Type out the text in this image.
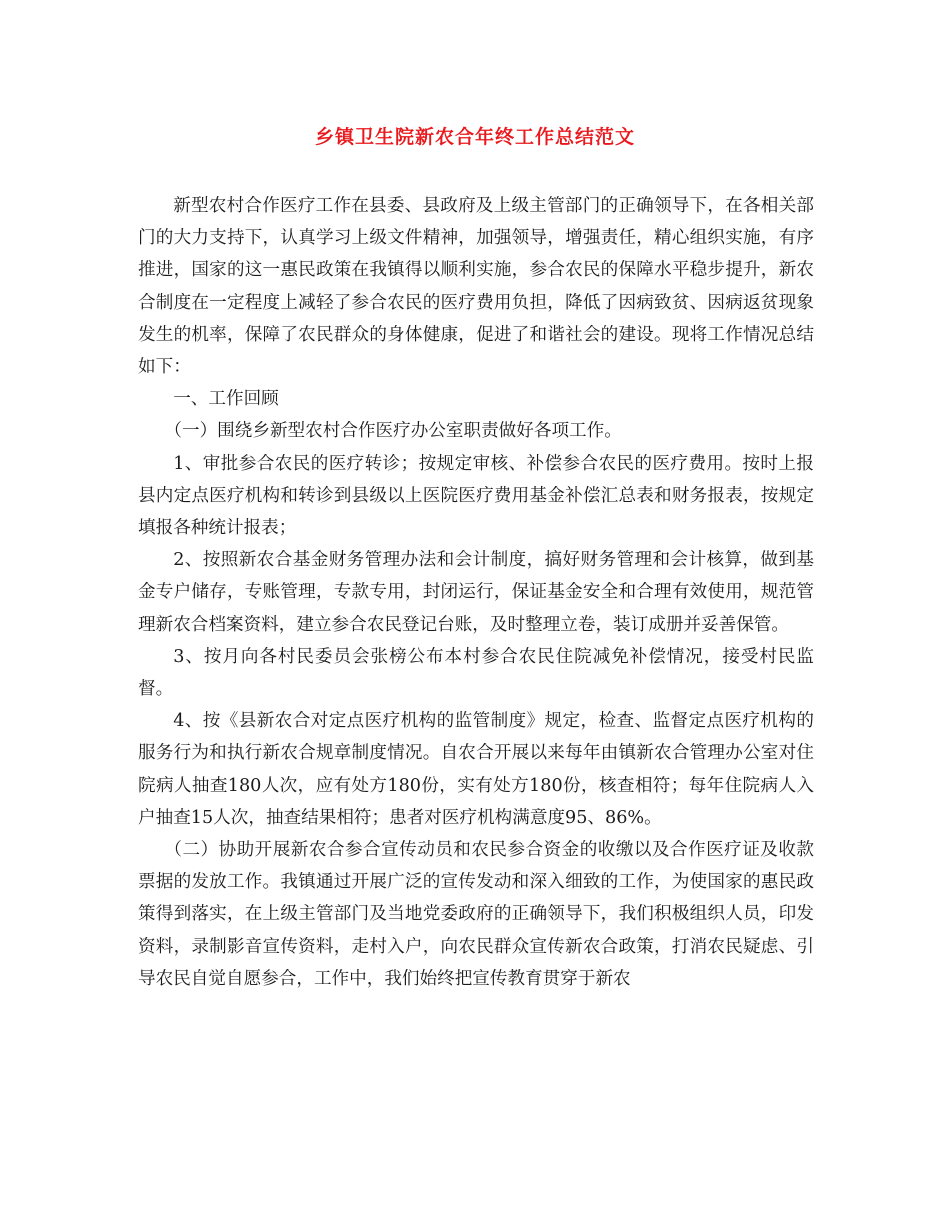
乡镇卫生院新农合年终工作总结范文

新型农村合作医疗工作在县委、县政府及上级主管部门的正确领导下，在各相关部门的大力支持下，认真学习上级文件精神，加强领导，增强责任，精心组织实施，有序推进，国家的这一惠民政策在我镇得以顺利实施，参合农民的保障水平稳步提升，新农合制度在一定程度上减轻了参合农民的医疗费用负担，降低了因病致贫、因病返贫现象发生的机率，保障了农民群众的身体健康，促进了和谐社会的建设。现将工作情况总结如下：

一、工作回顾

（一）围绕乡新型农村合作医疗办公室职责做好各项工作。

1、审批参合农民的医疗转诊；按规定审核、补偿参合农民的医疗费用。按时上报县内定点医疗机构和转诊到县级以上医院医疗费用基金补偿汇总表和财务报表，按规定填报各种统计报表；

2、按照新农合基金财务管理办法和会计制度，搞好财务管理和会计核算，做到基金专户储存，专账管理，专款专用，封闭运行，保证基金安全和合理有效使用，规范管理新农合档案资料，建立参合农民登记台账，及时整理立卷，装订成册并妥善保管。

3、按月向各村民委员会张榜公布本村参合农民住院减免补偿情况，接受村民监督。

4、按《县新农合对定点医疗机构的监管制度》规定，检查、监督定点医疗机构的服务行为和执行新农合规章制度情况。自农合开展以来每年由镇新农合管理办公室对住院病人抽查180人次，应有处方180份，实有处方180份，核查相符；每年住院病人入户抽查15人次，抽查结果相符；患者对医疗机构满意度95、86%。

（二）协助开展新农合参合宣传动员和农民参合资金的收缴以及合作医疗证及收款票据的发放工作。我镇通过开展广泛的宣传发动和深入细致的工作，为使国家的惠民政策得到落实，在上级主管部门及当地党委政府的正确领导下，我们积极组织人员，印发资料，录制影音宣传资料，走村入户，向农民群众宣传新农合政策，打消农民疑虑、引导农民自觉自愿参合，工作中，我们始终把宣传教育贯穿于新农
